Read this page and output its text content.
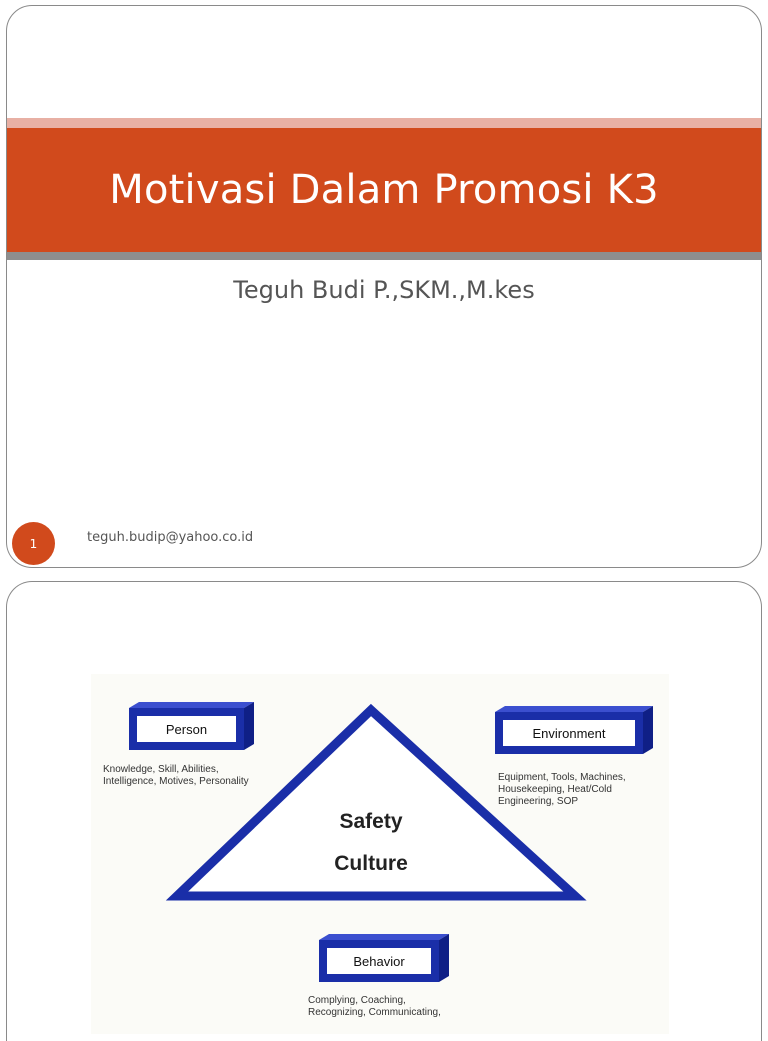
Motivasi Dalam Promosi K3
Teguh Budi P.,SKM.,M.kes
1	teguh.budip@yahoo.co.id
Person
Knowledge, Skill, Abilities,
Intelligence, Motives, Personality
Environment
Equipment, Tools, Machines,
Housekeeping, Heat/Cold
Engineering, SOP
Safety
Culture
Behavior
Complying, Coaching,
Recognizing, Communicating,
